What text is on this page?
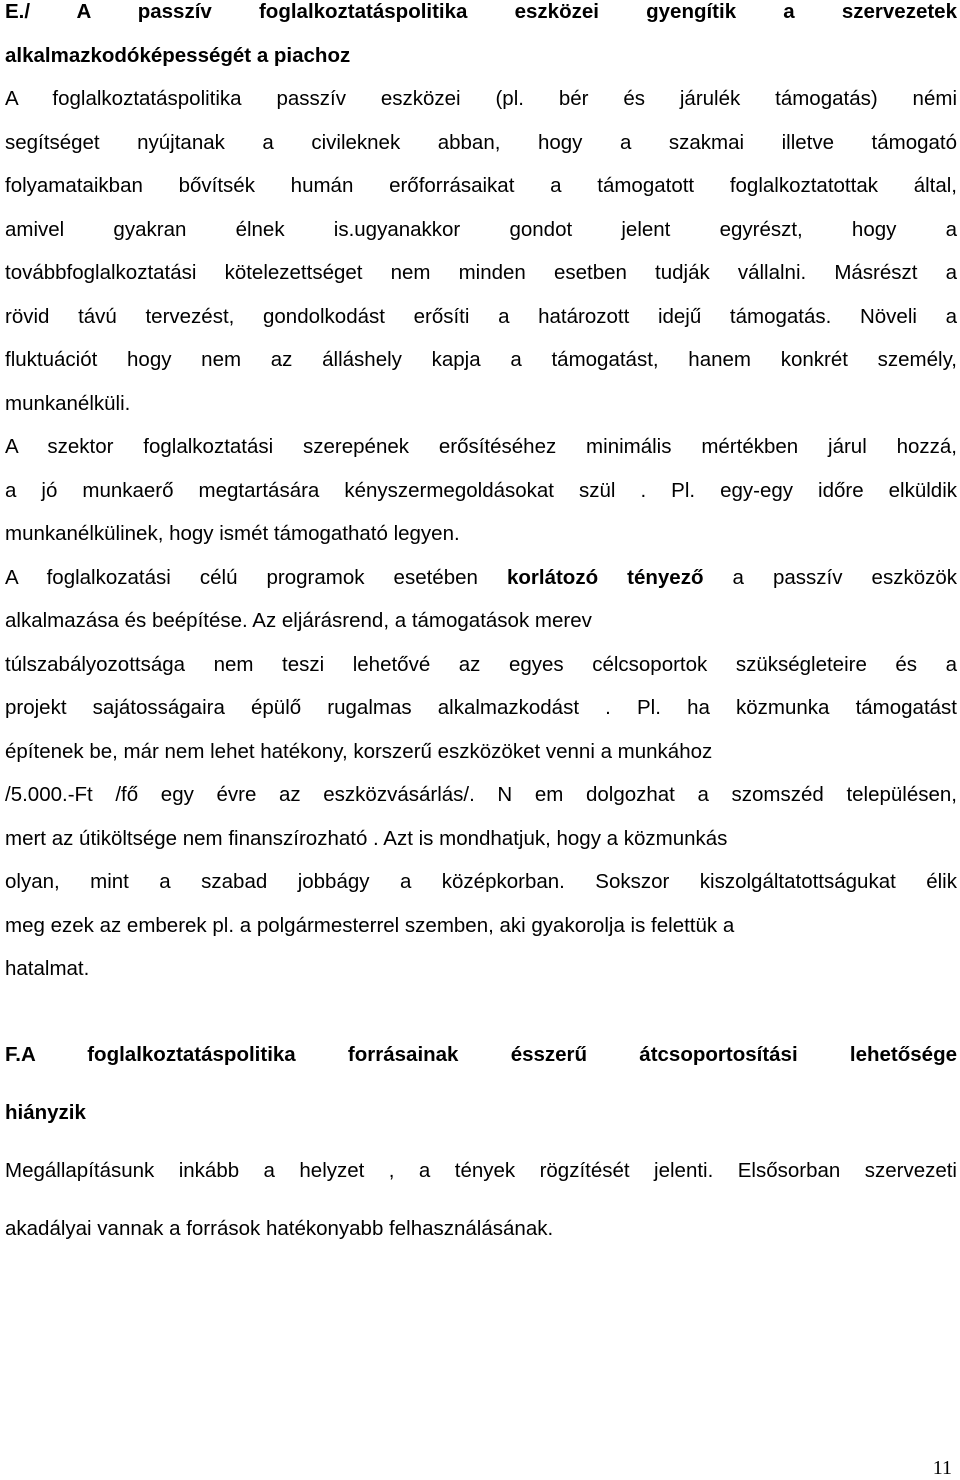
E./ A passzív foglalkoztatáspolitika eszközei gyengítik a szervezetek
alkalmazkodóképességét a piachoz
A foglalkoztatáspolitika passzív eszközei (pl. bér és járulék támogatás) némi
segítséget nyújtanak a civileknek abban, hogy a szakmai illetve támogató
folyamataikban bővítsék humán erőforrásaikat a támogatott foglalkoztatottak által,
amivel gyakran élnek is.ugyanakkor gondot jelent egyrészt, hogy a
továbbfoglalkoztatási kötelezettséget nem minden esetben tudják vállalni. Másrészt a
rövid távú tervezést, gondolkodást erősíti a határozott idejű támogatás. Növeli a
fluktuációt hogy nem az álláshely kapja a támogatást, hanem konkrét személy,
munkanélküli.
A szektor foglalkoztatási szerepének erősítéséhez minimális mértékben járul hozzá,
a jó munkaerő megtartására kényszermegoldásokat szül . Pl. egy-egy időre elküldik
munkanélkülinek, hogy ismét támogatható legyen.
A foglalkozatási célú programok esetében korlátozó tényező a passzív eszközök
alkalmazása és beépítése. Az eljárásrend, a támogatások merev
túlszabályozottsága nem teszi lehetővé az egyes célcsoportok szükségleteire és a
projekt sajátosságaira épülő rugalmas alkalmazkodást . Pl. ha közmunka támogatást
építenek be, már nem lehet hatékony, korszerű eszközöket venni a munkához
/5.000.-Ft /fő egy évre az eszközvásárlás/. N em dolgozhat a szomszéd településen,
mert az útiköltsége nem finanszírozható . Azt is mondhatjuk, hogy a közmunkás
olyan, mint a szabad jobbágy a középkorban. Sokszor kiszolgáltatottságukat élik
meg ezek az emberek pl. a polgármesterrel szemben, aki gyakorolja is felettük a
hatalmat.
F.A foglalkoztatáspolitika forrásainak ésszerű átcsoportosítási lehetősége
hiányzik
Megállapításunk inkább a helyzet , a tények rögzítését jelenti. Elsősorban szervezeti
akadályai vannak a források hatékonyabb felhasználásának.
11
